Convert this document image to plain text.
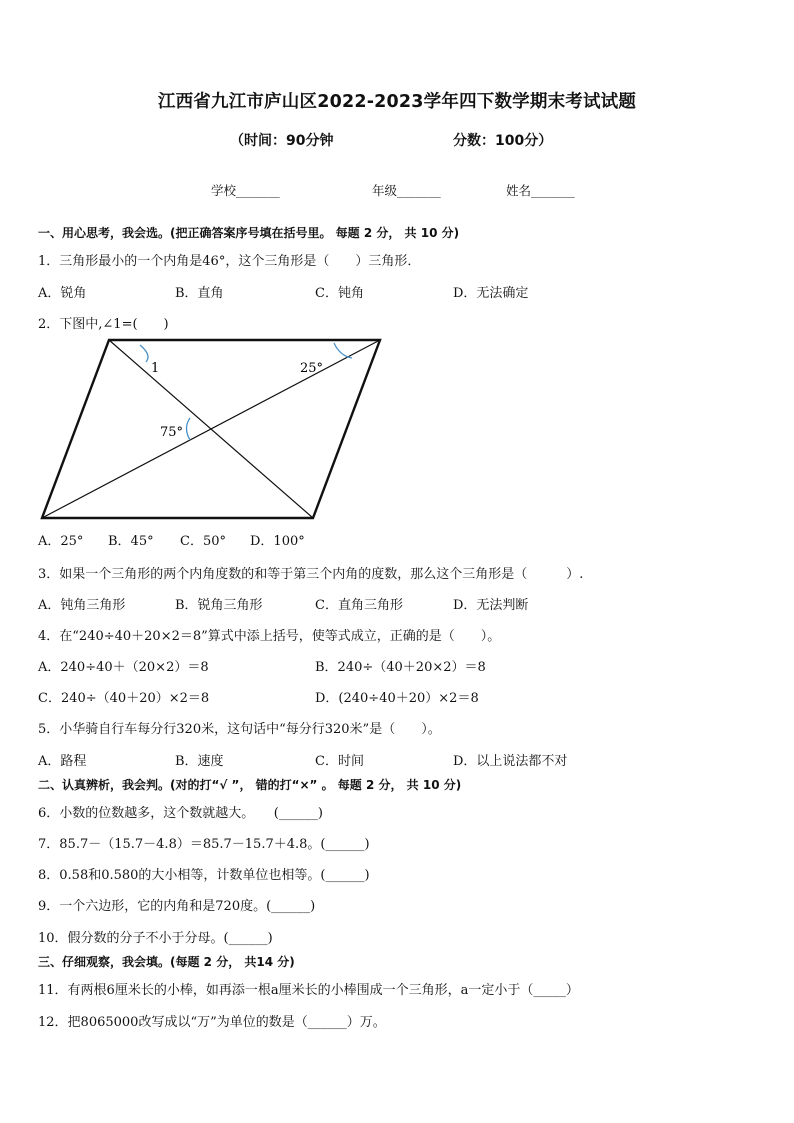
江西省九江市庐山区2022-2023学年四下数学期末考试试题
（时间：90分钟	分数：100分）
学校_______	年级_______	姓名_______
一、用心思考，我会选。(把正确答案序号填在括号里。 每题 2 分， 共 10 分)
1．三角形最小的一个内角是46°，这个三角形是（　　）三角形．
A．锐角	B．直角	C．钝角	D．无法确定
2．下图中,∠1=(　　)
1	25°
75°
A．25° B．45° C．50° D．100°
3．如果一个三角形的两个内角度数的和等于第三个内角的度数，那么这个三角形是（　　　）.
A．钝角三角形	B．锐角三角形	C．直角三角形	D．无法判断
4．在“240÷40＋20×2＝8”算式中添上括号，使等式成立，正确的是（　　）。
A．240÷40＋（20×2）＝8	B．240÷（40＋20×2）＝8
C．240÷（40＋20）×2＝8	D．(240÷40＋20）×2＝8
5．小华骑自行车每分行320米，这句话中“每分行320米”是（　　）。
A．路程	B．速度	C．时间	D．以上说法都不对
二、认真辨析，我会判。(对的打“√ ”， 错的打“×” 。 每题 2 分， 共 10 分)
6．小数的位数越多，这个数就越大。　　(______)
7．85.7－（15.7－4.8）＝85.7－15.7＋4.8。(______)
8．0.58和0.580的大小相等，计数单位也相等。(______)
9．一个六边形，它的内角和是720度。(______)
10．假分数的分子不小于分母。(______)
三、仔细观察，我会填。(每题 2 分， 共14 分)
11．有两根6厘米长的小棒，如再添一根a厘米长的小棒围成一个三角形，a一定小于（_____）
12．把8065000改写成以“万”为单位的数是（______）万。
